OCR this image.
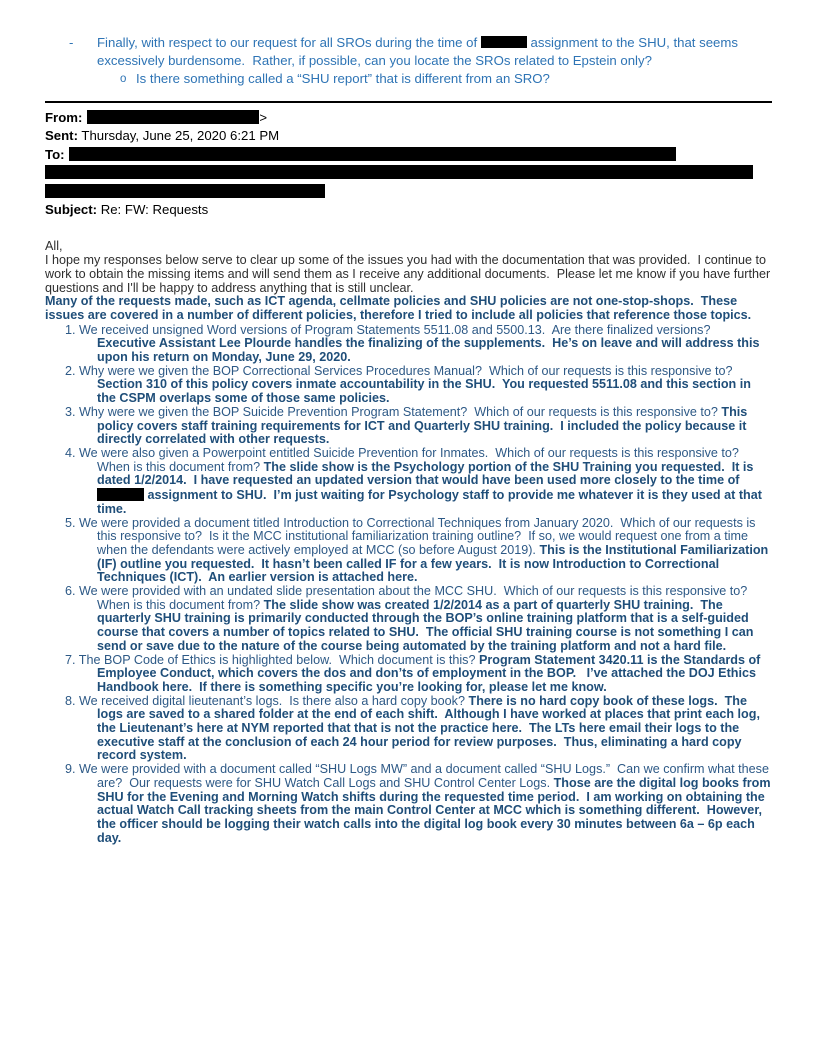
-	Finally, with respect to our request for all SROs during the time of	assignment to the SHU, that seems excessively burdensome.  Rather, if possible, can you locate the SROs related to Epstein only?
o Is there something called a “SHU report” that is different from an SRO?
From:	>
Sent: Thursday, June 25, 2020 6:21 PM
To:
Subject: Re: FW: Requests

All,

I hope my responses below serve to clear up some of the issues you had with the documentation that was provided.  I continue to work to obtain the missing items and will send them as I receive any additional documents.  Please let me know if you have further questions and I'll be happy to address anything that is still unclear.

Many of the requests made, such as ICT agenda, cellmate policies and SHU policies are not one-stop-shops.  These issues are covered in a number of different policies, therefore I tried to include all policies that reference those topics.

1. We received unsigned Word versions of Program Statements 5511.08 and 5500.13.  Are there finalized versions? Executive Assistant Lee Plourde handles the finalizing of the supplements.  He’s on leave and will address this upon his return on Monday, June 29, 2020.

2. Why were we given the BOP Correctional Services Procedures Manual?  Which of our requests is this responsive to? Section 310 of this policy covers inmate accountability in the SHU.  You requested 5511.08 and this section in the CSPM overlaps some of those same policies.

3. Why were we given the BOP Suicide Prevention Program Statement?  Which of our requests is this responsive to? This policy covers staff training requirements for ICT and Quarterly SHU training.  I included the policy because it directly correlated with other requests.

4. We were also given a Powerpoint entitled Suicide Prevention for Inmates.  Which of our requests is this responsive to?  When is this document from? The slide show is the Psychology portion of the SHU Training you requested.  It is dated 1/2/2014.  I have requested an updated version that would have been used more closely to the time of  assignment to SHU.  I’m just waiting for Psychology staff to provide me whatever it is they used at that time.

5. We were provided a document titled Introduction to Correctional Techniques from January 2020.  Which of our requests is this responsive to?  Is it the MCC institutional familiarization training outline?  If so, we would request one from a time when the defendants were actively employed at MCC (so before August 2019). This is the Institutional Familiarization (IF) outline you requested.  It hasn’t been called IF for a few years.  It is now Introduction to Correctional Techniques (ICT).  An earlier version is attached here.

6. We were provided with an undated slide presentation about the MCC SHU.  Which of our requests is this responsive to?  When is this document from? The slide show was created 1/2/2014 as a part of quarterly SHU training.  The quarterly SHU training is primarily conducted through the BOP’s online training platform that is a self-guided course that covers a number of topics related to SHU.  The official SHU training course is not something I can send or save due to the nature of the course being automated by the training platform and not a hard file.

7. The BOP Code of Ethics is highlighted below.  Which document is this? Program Statement 3420.11 is the Standards of Employee Conduct, which covers the dos and don’ts of employment in the BOP.   I’ve attached the DOJ Ethics Handbook here.  If there is something specific you’re looking for, please let me know.

8. We received digital lieutenant’s logs.  Is there also a hard copy book? There is no hard copy book of these logs.  The logs are saved to a shared folder at the end of each shift.  Although I have worked at places that print each log, the Lieutenant’s here at NYM reported that that is not the practice here.  The LTs here email their logs to the executive staff at the conclusion of each 24 hour period for review purposes.  Thus, eliminating a hard copy record system.

9. We were provided with a document called “SHU Logs MW” and a document called “SHU Logs.”  Can we confirm what these are?  Our requests were for SHU Watch Call Logs and SHU Control Center Logs. Those are the digital log books from SHU for the Evening and Morning Watch shifts during the requested time period.  I am working on obtaining the actual Watch Call tracking sheets from the main Control Center at MCC which is something different.  However, the officer should be logging their watch calls into the digital log book every 30 minutes between 6a – 6p each day.
